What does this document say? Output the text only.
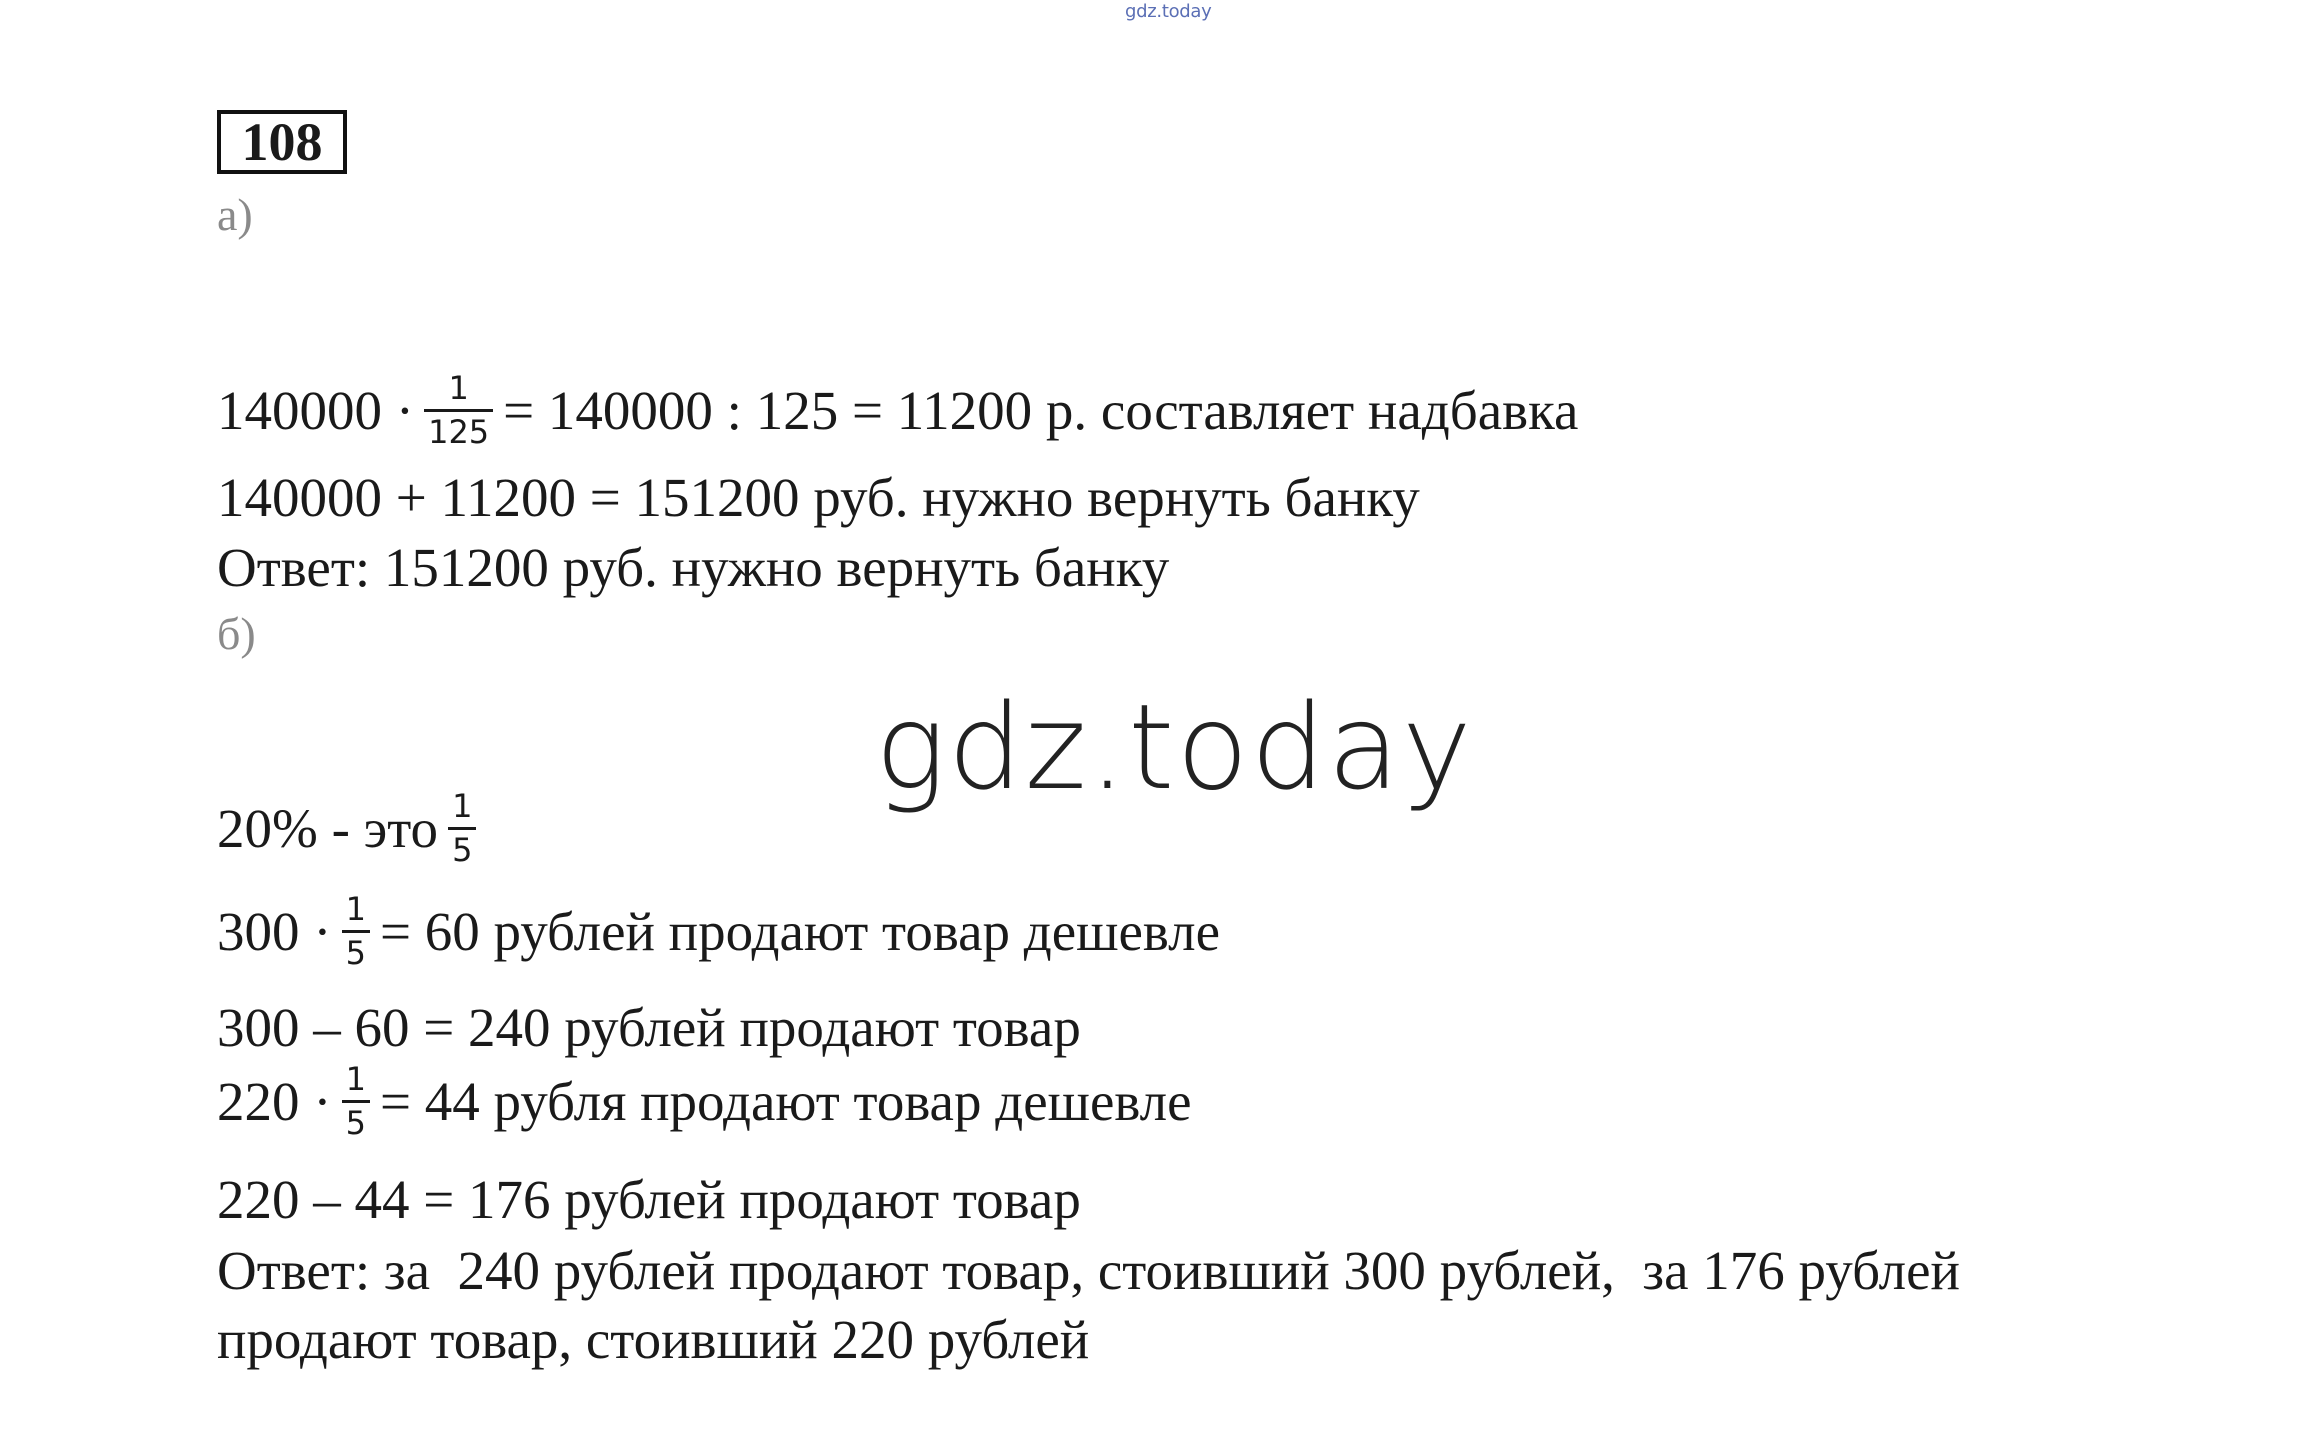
gdz.today
108
а)
$140000 \cdot \frac{1}{125} = 140000$ : 125 = 11200 р. составляет надбавка
140000 + 11200 = 151200 руб. нужно вернуть банку
Ответ: 151200 руб. нужно вернуть банку
б)
gdz.today
20% - это $\frac{1}{5}$
$300 \cdot \frac{1}{5} = 60$ рублей продают товар дешевле
300 – 60 = 240 рублей продают товар
$220 \cdot \frac{1}{5} = 44$ рубля продают товар дешевле
220 – 44 = 176 рублей продают товар
Ответ: за  240 рублей продают товар, стоивший 300 рублей,  за 176 рублей
продают товар, стоивший 220 рублей
